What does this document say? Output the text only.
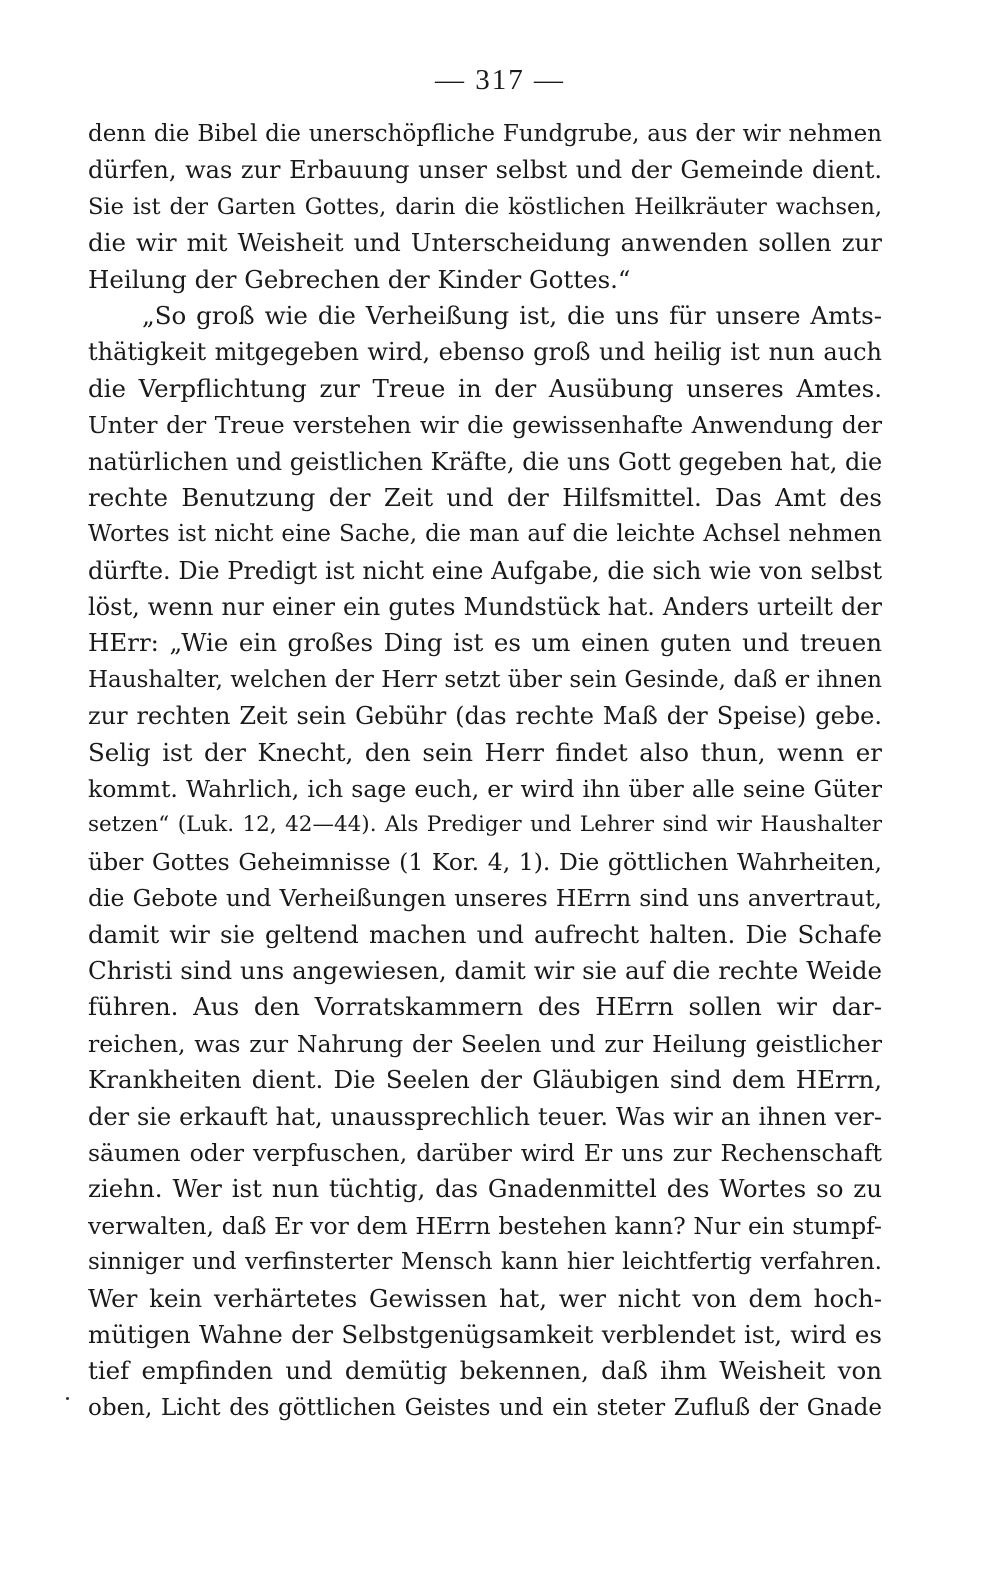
— 317 —
denn die Bibel die unerschöpfliche Fundgrube, aus der wir nehmen
dürfen, was zur Erbauung unser selbst und der Gemeinde dient.
Sie ist der Garten Gottes, darin die köstlichen Heilkräuter wachsen,
die wir mit Weisheit und Unterscheidung anwenden sollen zur
Heilung der Gebrechen der Kinder Gottes.“
„So groß wie die Verheißung ist, die uns für unsere Amts-
thätigkeit mitgegeben wird, ebenso groß und heilig ist nun auch
die Verpflichtung zur Treue in der Ausübung unseres Amtes.
Unter der Treue verstehen wir die gewissenhafte Anwendung der
natürlichen und geistlichen Kräfte, die uns Gott gegeben hat, die
rechte Benutzung der Zeit und der Hilfsmittel. Das Amt des
Wortes ist nicht eine Sache, die man auf die leichte Achsel nehmen
dürfte. Die Predigt ist nicht eine Aufgabe, die sich wie von selbst
löst, wenn nur einer ein gutes Mundstück hat. Anders urteilt der
HErr: „Wie ein großes Ding ist es um einen guten und treuen
Haushalter, welchen der Herr setzt über sein Gesinde, daß er ihnen
zur rechten Zeit sein Gebühr (das rechte Maß der Speise) gebe.
Selig ist der Knecht, den sein Herr findet also thun, wenn er
kommt. Wahrlich, ich sage euch, er wird ihn über alle seine Güter
setzen“ (Luk. 12, 42—44). Als Prediger und Lehrer sind wir Haushalter
über Gottes Geheimnisse (1 Kor. 4, 1). Die göttlichen Wahrheiten,
die Gebote und Verheißungen unseres HErrn sind uns anvertraut,
damit wir sie geltend machen und aufrecht halten. Die Schafe
Christi sind uns angewiesen, damit wir sie auf die rechte Weide
führen. Aus den Vorratskammern des HErrn sollen wir dar-
reichen, was zur Nahrung der Seelen und zur Heilung geistlicher
Krankheiten dient. Die Seelen der Gläubigen sind dem HErrn,
der sie erkauft hat, unaussprechlich teuer. Was wir an ihnen ver-
säumen oder verpfuschen, darüber wird Er uns zur Rechenschaft
ziehn. Wer ist nun tüchtig, das Gnadenmittel des Wortes so zu
verwalten, daß Er vor dem HErrn bestehen kann? Nur ein stumpf-
sinniger und verfinsterter Mensch kann hier leichtfertig verfahren.
Wer kein verhärtetes Gewissen hat, wer nicht von dem hoch-
mütigen Wahne der Selbstgenügsamkeit verblendet ist, wird es
tief empfinden und demütig bekennen, daß ihm Weisheit von
oben, Licht des göttlichen Geistes und ein steter Zufluß der Gnade
